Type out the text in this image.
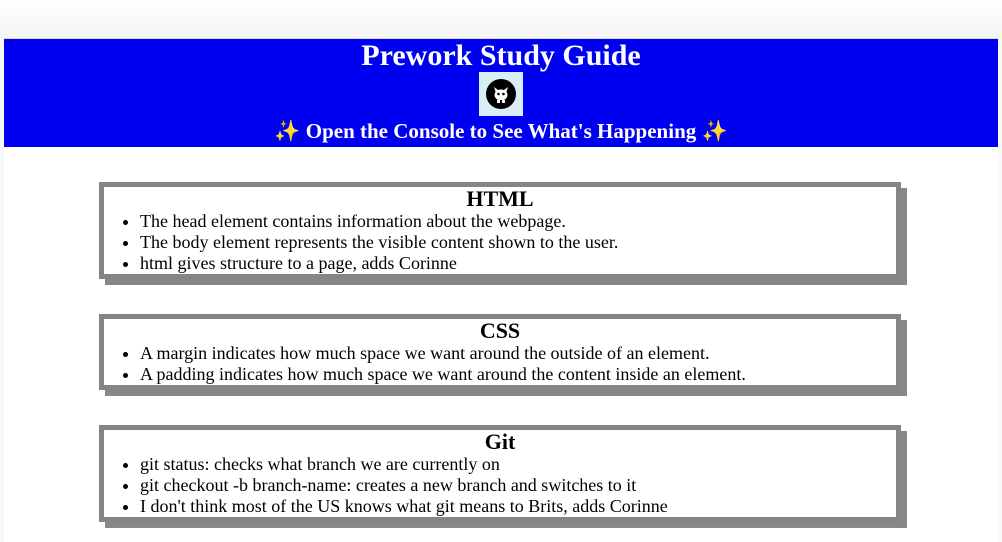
Prework Study Guide
✨ Open the Console to See What's Happening ✨
HTML
• The head element contains information about the webpage.
• The body element represents the visible content shown to the user.
• html gives structure to a page, adds Corinne
CSS
• A margin indicates how much space we want around the outside of an element.
• A padding indicates how much space we want around the content inside an element.
Git
• git status: checks what branch we are currently on
• git checkout -b branch-name: creates a new branch and switches to it
• I don't think most of the US knows what git means to Brits, adds Corinne
